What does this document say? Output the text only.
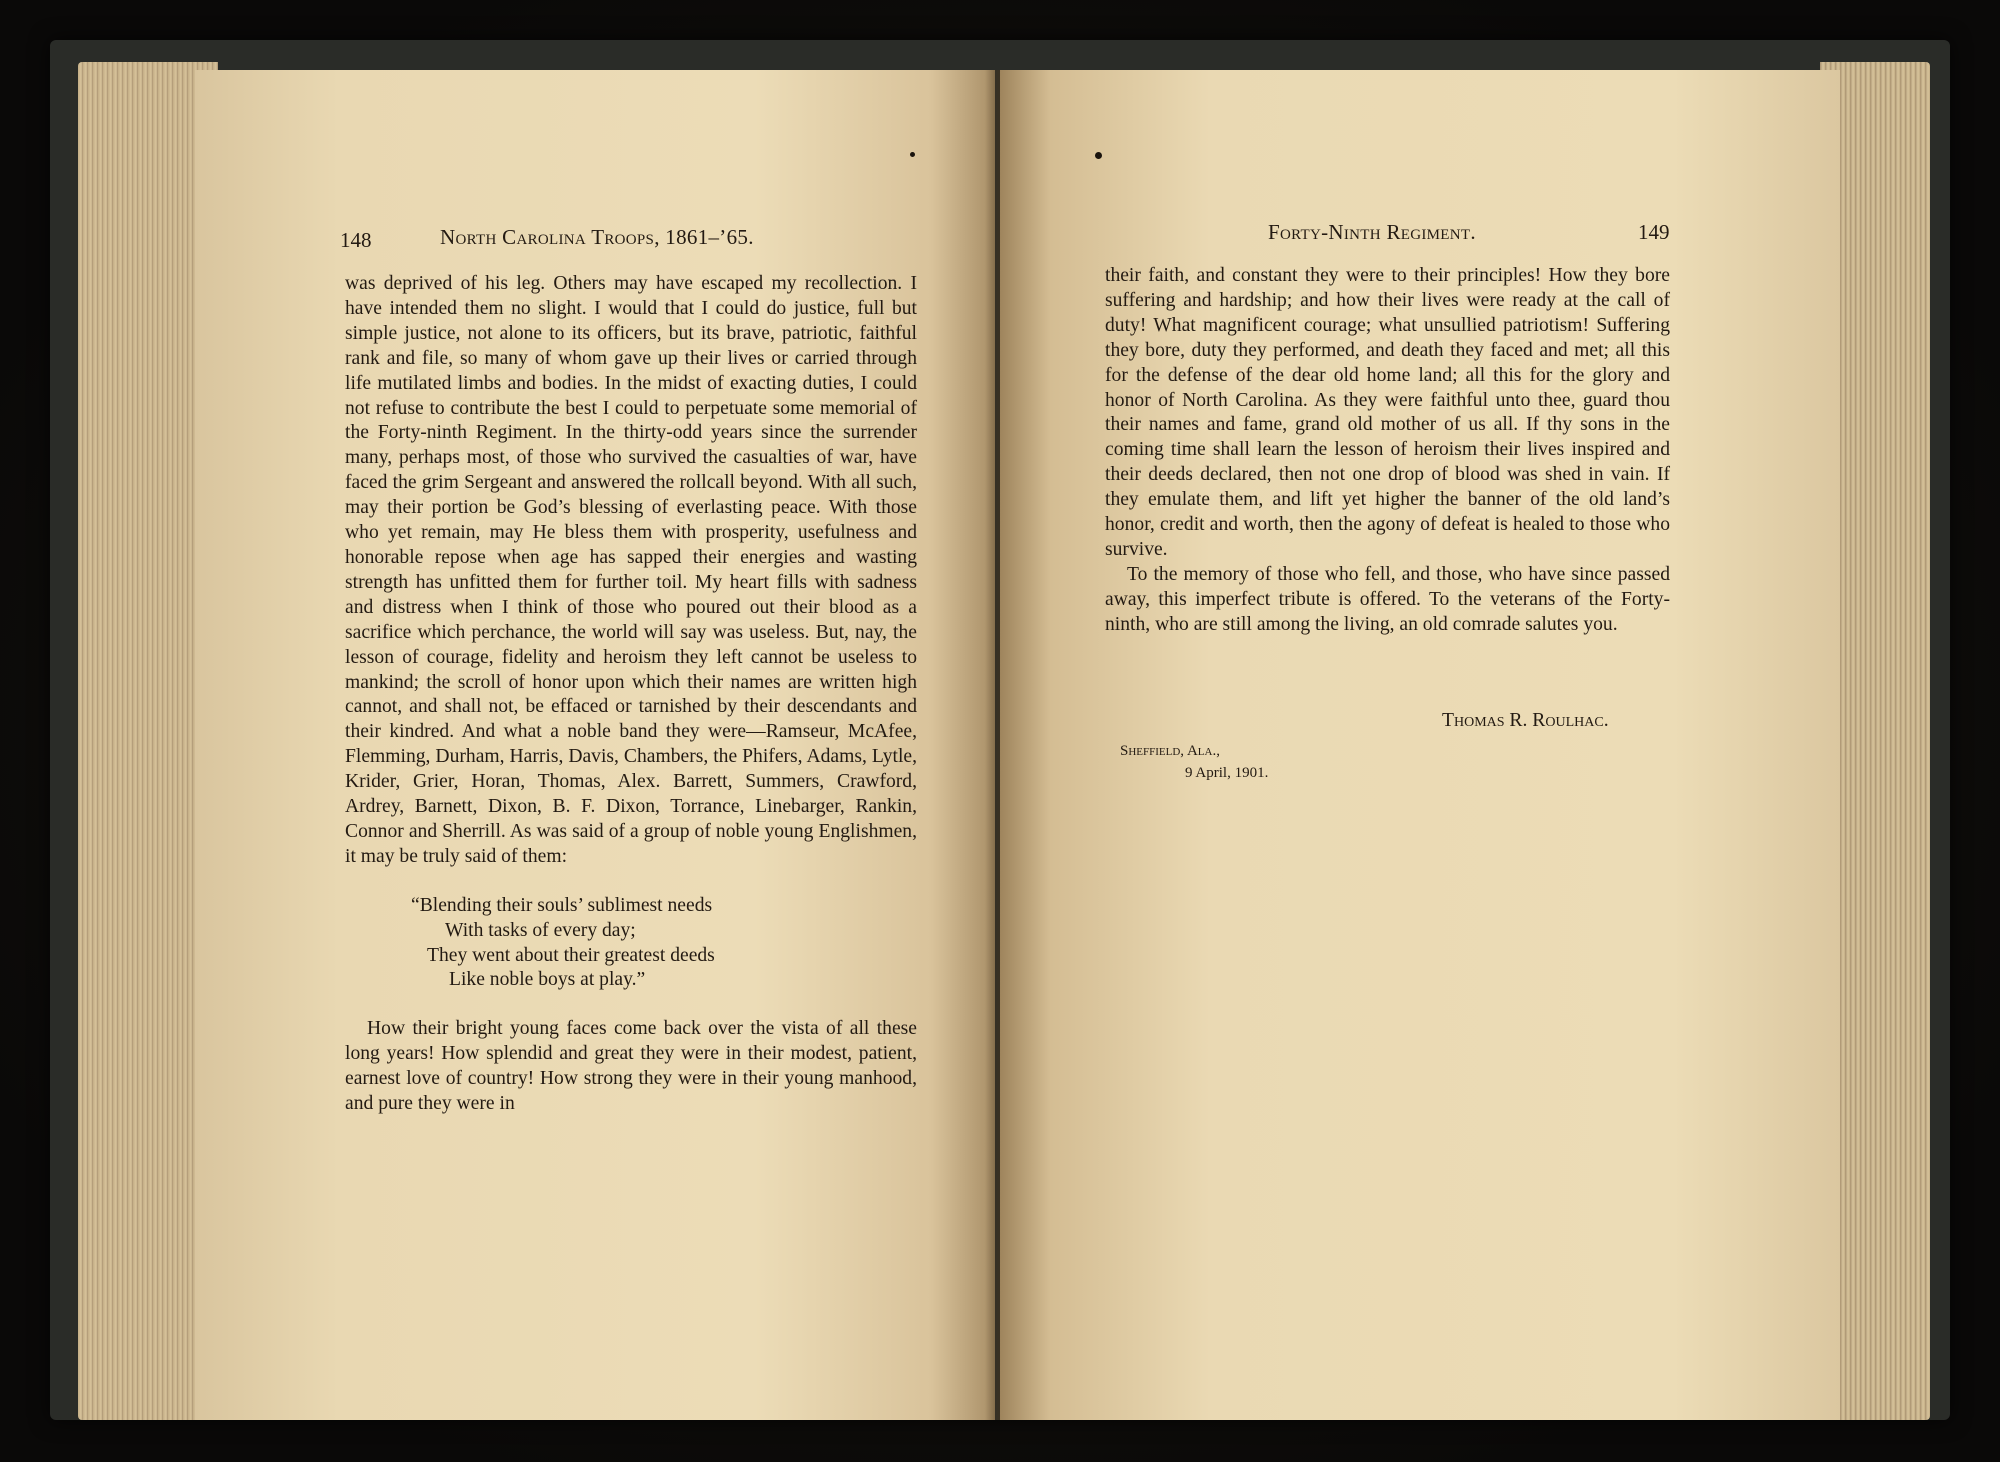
148	North Carolina Troops, 1861–’65.

was deprived of his leg. Others may have escaped my recollection. I have intended them no slight. I would that I could do justice, full but simple justice, not alone to its officers, but its brave, patriotic, faithful rank and file, so many of whom gave up their lives or carried through life mutilated limbs and bodies. In the midst of exacting duties, I could not refuse to contribute the best I could to perpetuate some memorial of the Forty-ninth Regiment. In the thirty-odd years since the surrender many, perhaps most, of those who survived the casualties of war, have faced the grim Sergeant and answered the rollcall beyond. With all such, may their portion be God’s blessing of everlasting peace. With those who yet remain, may He bless them with prosperity, usefulness and honorable repose when age has sapped their energies and wasting strength has unfitted them for further toil. My heart fills with sadness and distress when I think of those who poured out their blood as a sacrifice which perchance, the world will say was useless. But, nay, the lesson of courage, fidelity and heroism they left cannot be useless to mankind; the scroll of honor upon which their names are written high cannot, and shall not, be effaced or tarnished by their descendants and their kindred. And what a noble band they were—Ramseur, McAfee, Flemming, Durham, Harris, Davis, Chambers, the Phifers, Adams, Lytle, Krider, Grier, Horan, Thomas, Alex. Barrett, Summers, Crawford, Ardrey, Barnett, Dixon, B. F. Dixon, Torrance, Linebarger, Rankin, Connor and Sherrill. As was said of a group of noble young Englishmen, it may be truly said of them:

“Blending their souls’ sublimest needs
With tasks of every day;
They went about their greatest deeds
Like noble boys at play.”

How their bright young faces come back over the vista of all these long years! How splendid and great they were in their modest, patient, earnest love of country! How strong they were in their young manhood, and pure they were in

Forty-Ninth Regiment.	149

their faith, and constant they were to their principles! How they bore suffering and hardship; and how their lives were ready at the call of duty! What magnificent courage; what unsullied patriotism! Suffering they bore, duty they performed, and death they faced and met; all this for the defense of the dear old home land; all this for the glory and honor of North Carolina. As they were faithful unto thee, guard thou their names and fame, grand old mother of us all. If thy sons in the coming time shall learn the lesson of heroism their lives inspired and their deeds declared, then not one drop of blood was shed in vain. If they emulate them, and lift yet higher the banner of the old land’s honor, credit and worth, then the agony of defeat is healed to those who survive.

To the memory of those who fell, and those, who have since passed away, this imperfect tribute is offered. To the veterans of the Forty-ninth, who are still among the living, an old comrade salutes you.

Thomas R. Roulhac.
Sheffield, Ala.,
9 April, 1901.
